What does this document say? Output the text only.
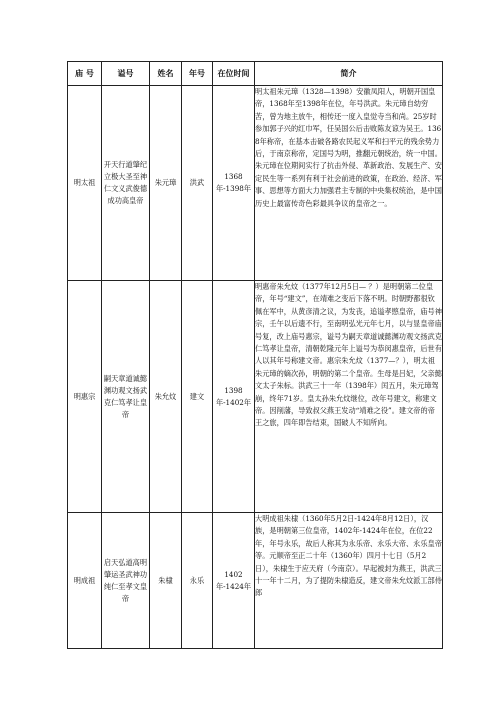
庙 号	谥号	姓名	年号	在位时间	简介
明太祖	开天行道肇纪立极大圣至神仁文义武俊德成功高皇帝	朱元璋	洪武	1368年-1398年	明太祖朱元璋（1328—1398）安徽凤阳人，明朝开国皇帝，1368年至1398年在位，年号洪武。朱元璋自幼穷苦，曾为地主放牛，相传还一度入皇觉寺当和尚。25岁时参加郭子兴的红巾军，任吴国公后击败陈友谅为吴王。1368年称帝，在基本击破各路农民起义军和扫平元的残余势力后，于南京称帝，定国号为明，推翻元朝统治，统一中国。朱元璋在位期间实行了抗击外侵、革新政治、发展生产、安定民生等一系列有利于社会前进的政策，在政治、经济、军事、思想等方面大力加强君主专制的中央集权统治，是中国历史上最富传奇色彩最具争议的皇帝之一。
明惠宗	嗣天章道诚懿渊功观文扬武克仁笃孝让皇帝	朱允炆	建文	1398年-1402年	明惠帝朱允炆（1377年12月5日— ？）是明朝第二位皇帝，年号“建文”，在靖难之变后下落不明。时朝野都很钦佩在军中，从黄彦清之议，为发丧，追谥孝愍皇帝，庙号神宗，壬午以后遗不行，至南明弘光元年七月，以与显皇帝庙号复，改上庙号惠宗，谥号为嗣天章道诚懿渊功观文扬武克仁笃孝让皇帝，清朝乾隆元年上谥号为恭闵惠皇帝，后世有人以其年号称建文帝。惠宗朱允炆（1377—？），明太祖朱元璋的嫡次孙，明朝的第二个皇帝。生母是吕妃，父亲懿文太子朱标。洪武三十一年（1398年）闰五月，朱元璋驾崩，终年71岁。皇太孙朱允炆继位，改年号建文，称建文帝。因削藩，导致叔父燕王发动“靖难之役”。建文帝的帝王之旅，四年即告结束，国破人不知所向。
明成祖	启天弘道高明肇运圣武神功纯仁至孝文皇帝	朱棣	永乐	1402年-1424年	大明成祖朱棣（1360年5月2日-1424年8月12日），汉族，是明朝第三位皇帝，1402年-1424年在位，在位22年，年号永乐，故后人称其为永乐帝、永乐大帝、永乐皇帝 等。元顺帝至正二十年（1360年）四月十七日（5月2日），朱棣生于应天府（今南京）。早起被封为燕王，洪武三十一年十二月，为了提防朱棣造反，建文帝朱允炆派工部侍郎
